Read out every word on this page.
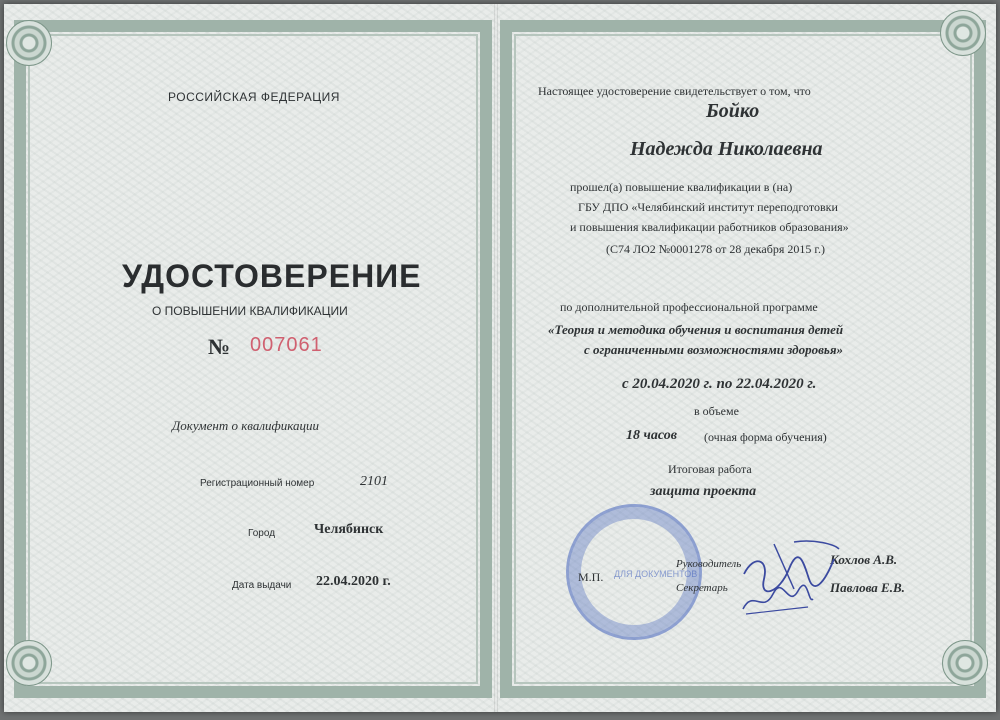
РОССИЙСКАЯ ФЕДЕРАЦИЯ
УДОСТОВЕРЕНИЕ
О ПОВЫШЕНИИ КВАЛИФИКАЦИИ
№ 007061
Документ о квалификации
Регистрационный номер	2101
Город	Челябинск
Дата выдачи 22.04.2020 г.
Настоящее удостоверение свидетельствует о том, что
Бойко
Надежда Николаевна
прошел(а) повышение квалификации в (на)
ГБУ ДПО «Челябинский институт переподготовки
и повышения квалификации работников образования»
(С74 ЛО2 №0001278 от 28 декабря 2015 г.)
по дополнительной профессиональной программе
«Теория и методика обучения и воспитания детей
с ограниченными возможностями здоровья»
с 20.04.2020 г. по 22.04.2020 г.
в объеме
18 часов (очная форма обучения)
Итоговая работа
защита проекта
ДЛЯ ДОКУМЕНТОВ
М.П.
Руководитель	Кохлов А.В.
Секретарь	Павлова Е.В.
